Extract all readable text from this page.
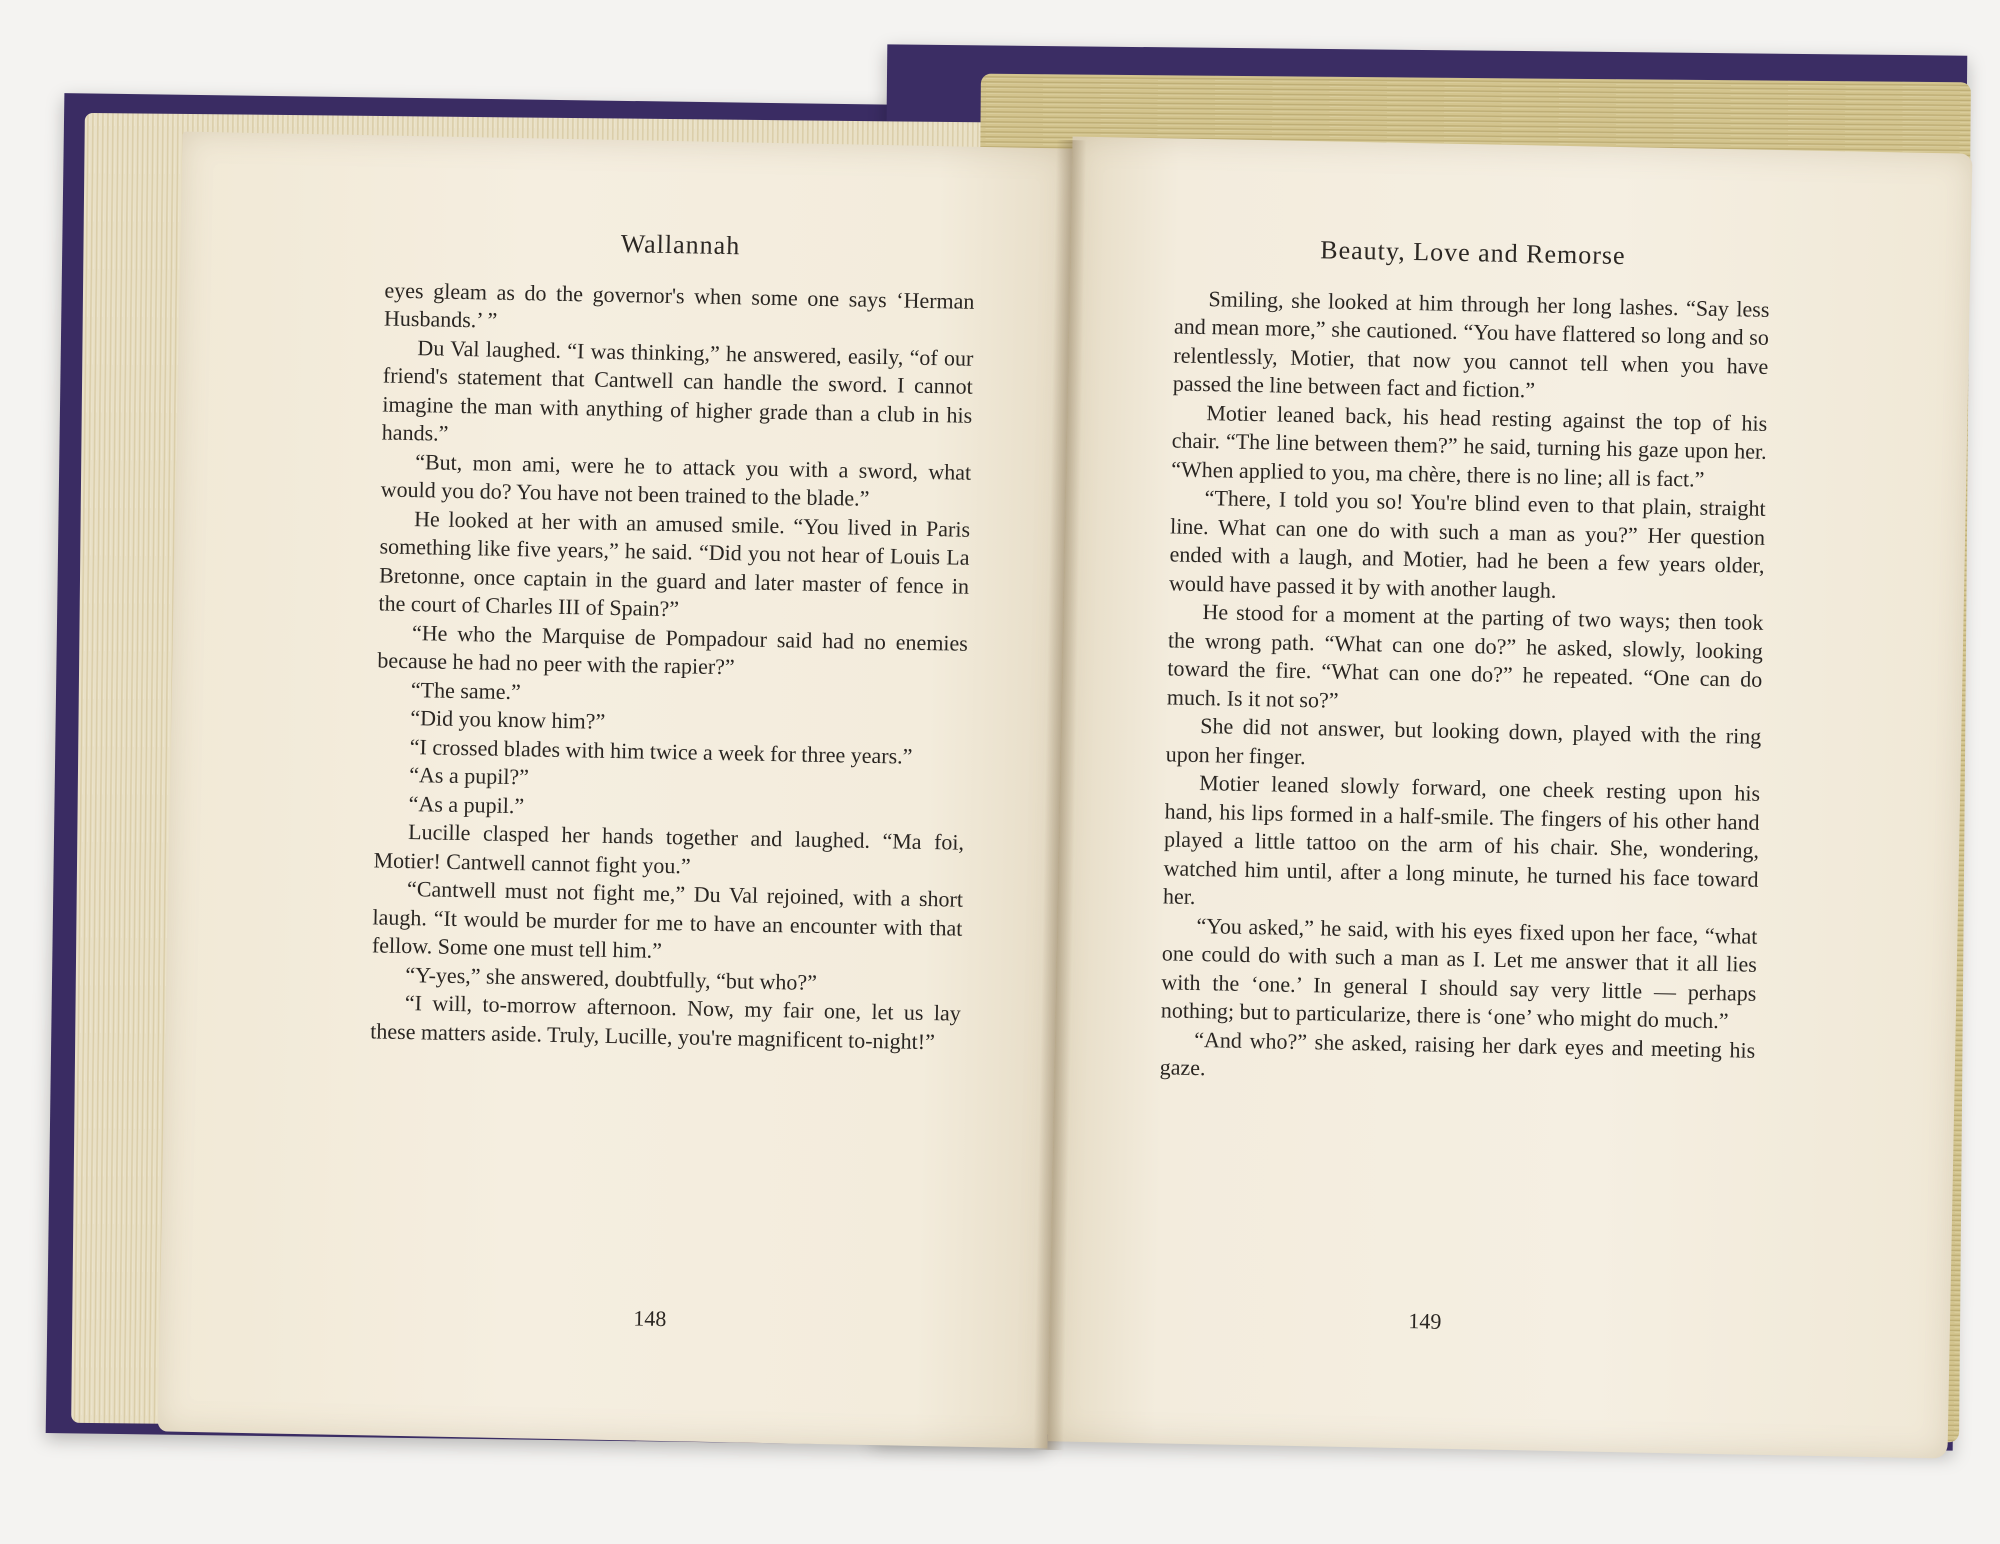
Wallannah

eyes gleam as do the governor's when some one says ‘Herman Husbands.’ ”

Du Val laughed. “I was thinking,” he answered, easily, “of our friend's statement that Cantwell can handle the sword. I cannot imagine the man with anything of higher grade than a club in his hands.”

“But, mon ami, were he to attack you with a sword, what would you do? You have not been trained to the blade.”

He looked at her with an amused smile. “You lived in Paris something like five years,” he said. “Did you not hear of Louis La Bretonne, once captain in the guard and later master of fence in the court of Charles III of Spain?”

“He who the Marquise de Pompadour said had no enemies because he had no peer with the rapier?”

“The same.”

“Did you know him?”

“I crossed blades with him twice a week for three years.”

“As a pupil?”

“As a pupil.”

Lucille clasped her hands together and laughed. “Ma foi, Motier! Cantwell cannot fight you.”

“Cantwell must not fight me,” Du Val rejoined, with a short laugh. “It would be murder for me to have an encounter with that fellow. Some one must tell him.”

“Y-yes,” she answered, doubtfully, “but who?”

“I will, to-morrow afternoon. Now, my fair one, let us lay these matters aside. Truly, Lucille, you're magnificent to-night!”

148
Beauty, Love and Remorse

Smiling, she looked at him through her long lashes. “Say less and mean more,” she cautioned. “You have flattered so long and so relentlessly, Motier, that now you cannot tell when you have passed the line between fact and fiction.”

Motier leaned back, his head resting against the top of his chair. “The line between them?” he said, turning his gaze upon her. “When applied to you, ma chère, there is no line; all is fact.”

“There, I told you so! You're blind even to that plain, straight line. What can one do with such a man as you?” Her question ended with a laugh, and Motier, had he been a few years older, would have passed it by with another laugh.

He stood for a moment at the parting of two ways; then took the wrong path. “What can one do?” he asked, slowly, looking toward the fire. “What can one do?” he repeated. “One can do much. Is it not so?”

She did not answer, but looking down, played with the ring upon her finger.

Motier leaned slowly forward, one cheek resting upon his hand, his lips formed in a half-smile. The fingers of his other hand played a little tattoo on the arm of his chair. She, wondering, watched him until, after a long minute, he turned his face toward her.

“You asked,” he said, with his eyes fixed upon her face, “what one could do with such a man as I. Let me answer that it all lies with the ‘one.’ In general I should say very little — perhaps nothing; but to particularize, there is ‘one’ who might do much.”

“And who?” she asked, raising her dark eyes and meeting his gaze.

149
